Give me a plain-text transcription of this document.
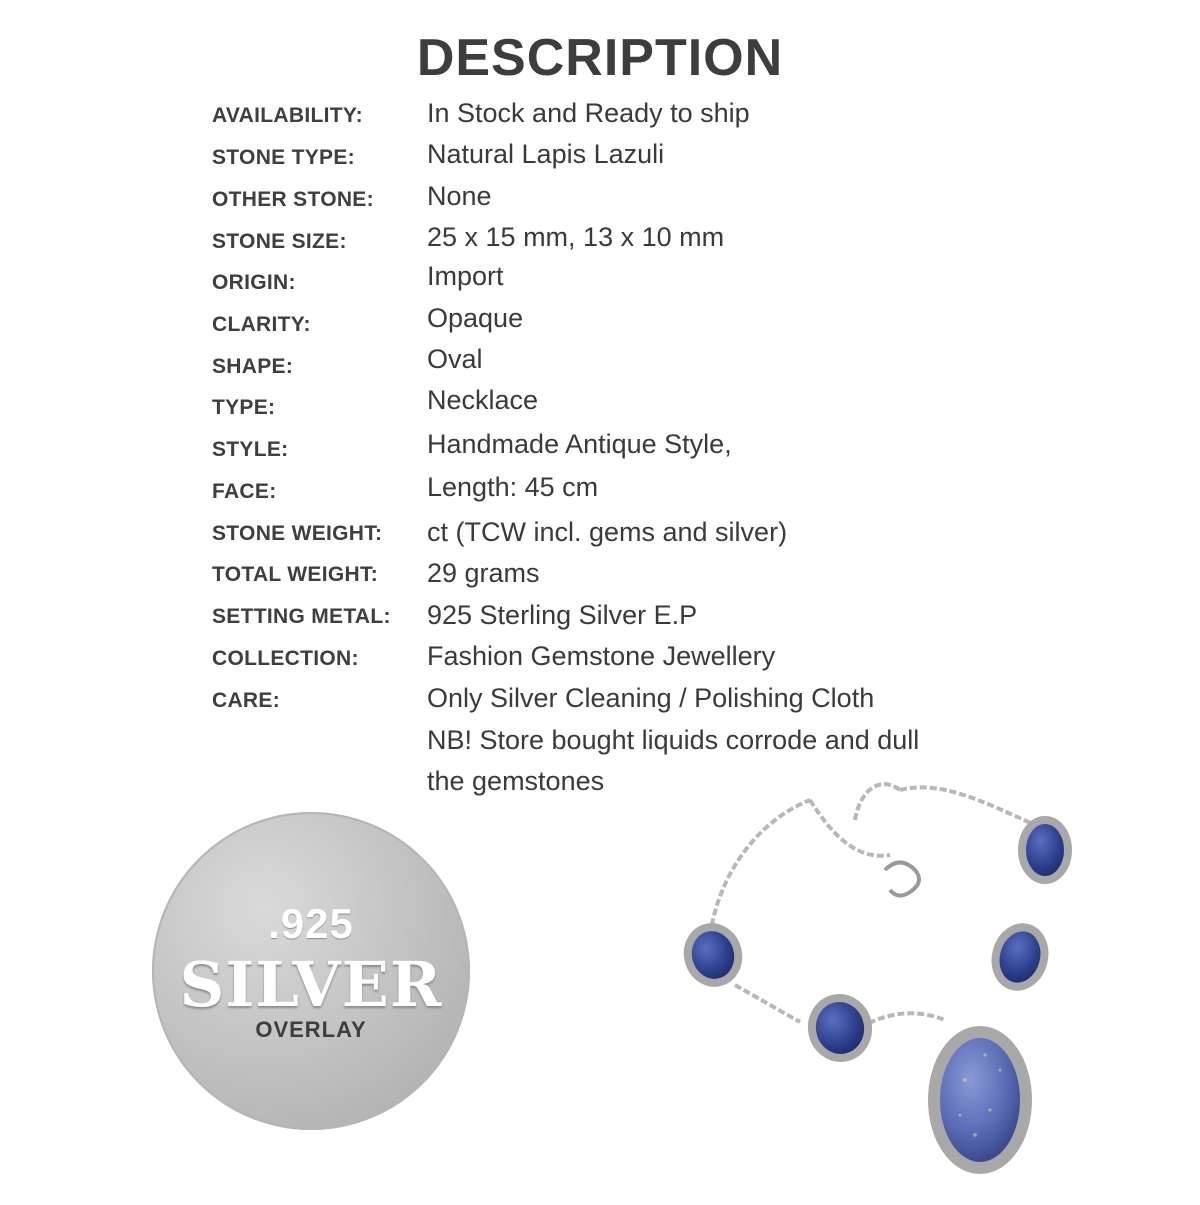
DESCRIPTION
AVAILABILITY: In Stock and Ready to ship
STONE TYPE:	Natural Lapis Lazuli
OTHER STONE: None
STONE SIZE:	25 x 15 mm, 13 x 10 mm
ORIGIN:	Import
CLARITY:	Opaque
SHAPE:	Oval
TYPE:	Necklace
STYLE:	Handmade Antique Style,
FACE:	Length: 45 cm
STONE WEIGHT: ct (TCW incl. gems and silver)
TOTAL WEIGHT: 29 grams
SETTING METAL: 925 Sterling Silver E.P
COLLECTION:	Fashion Gemstone Jewellery
CARE:	Only Silver Cleaning / Polishing Cloth
NB! Store bought liquids corrode and dull
the gemstones
.925
SILVER
OVERLAY
